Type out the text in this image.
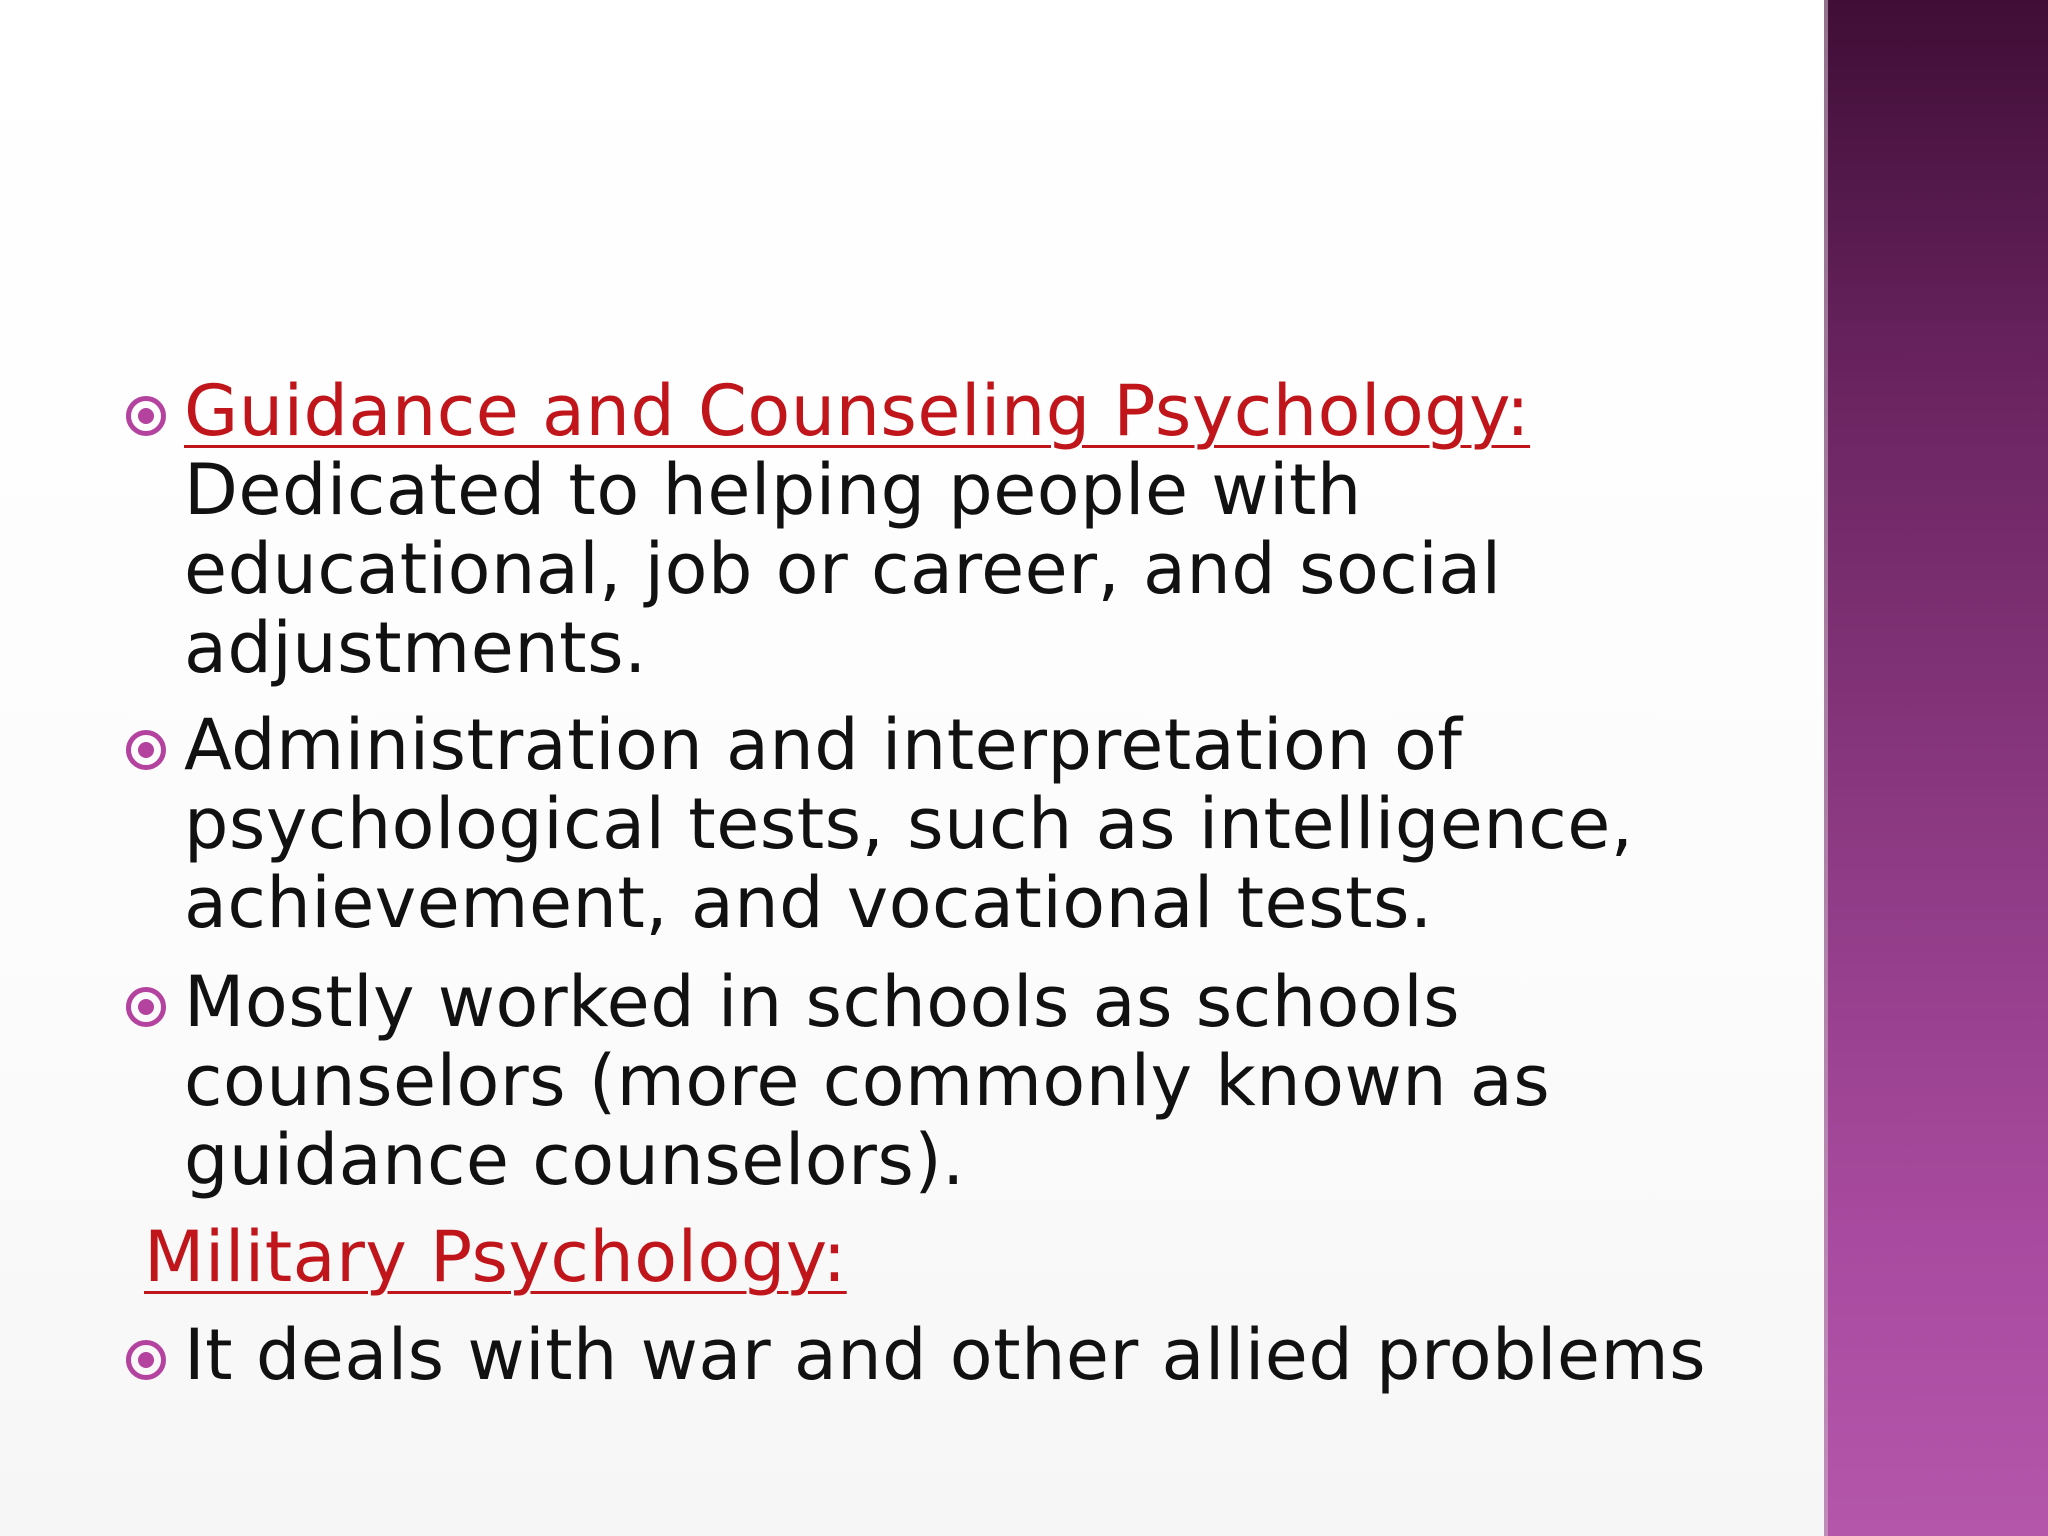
Guidance and Counseling Psychology:
Dedicated to helping people with
educational, job or career, and social
adjustments.
Administration and interpretation of
psychological tests, such as intelligence,
achievement, and vocational tests.
Mostly worked in schools as schools
counselors (more commonly known as
guidance counselors).
Military Psychology:
It deals with war and other allied problems
